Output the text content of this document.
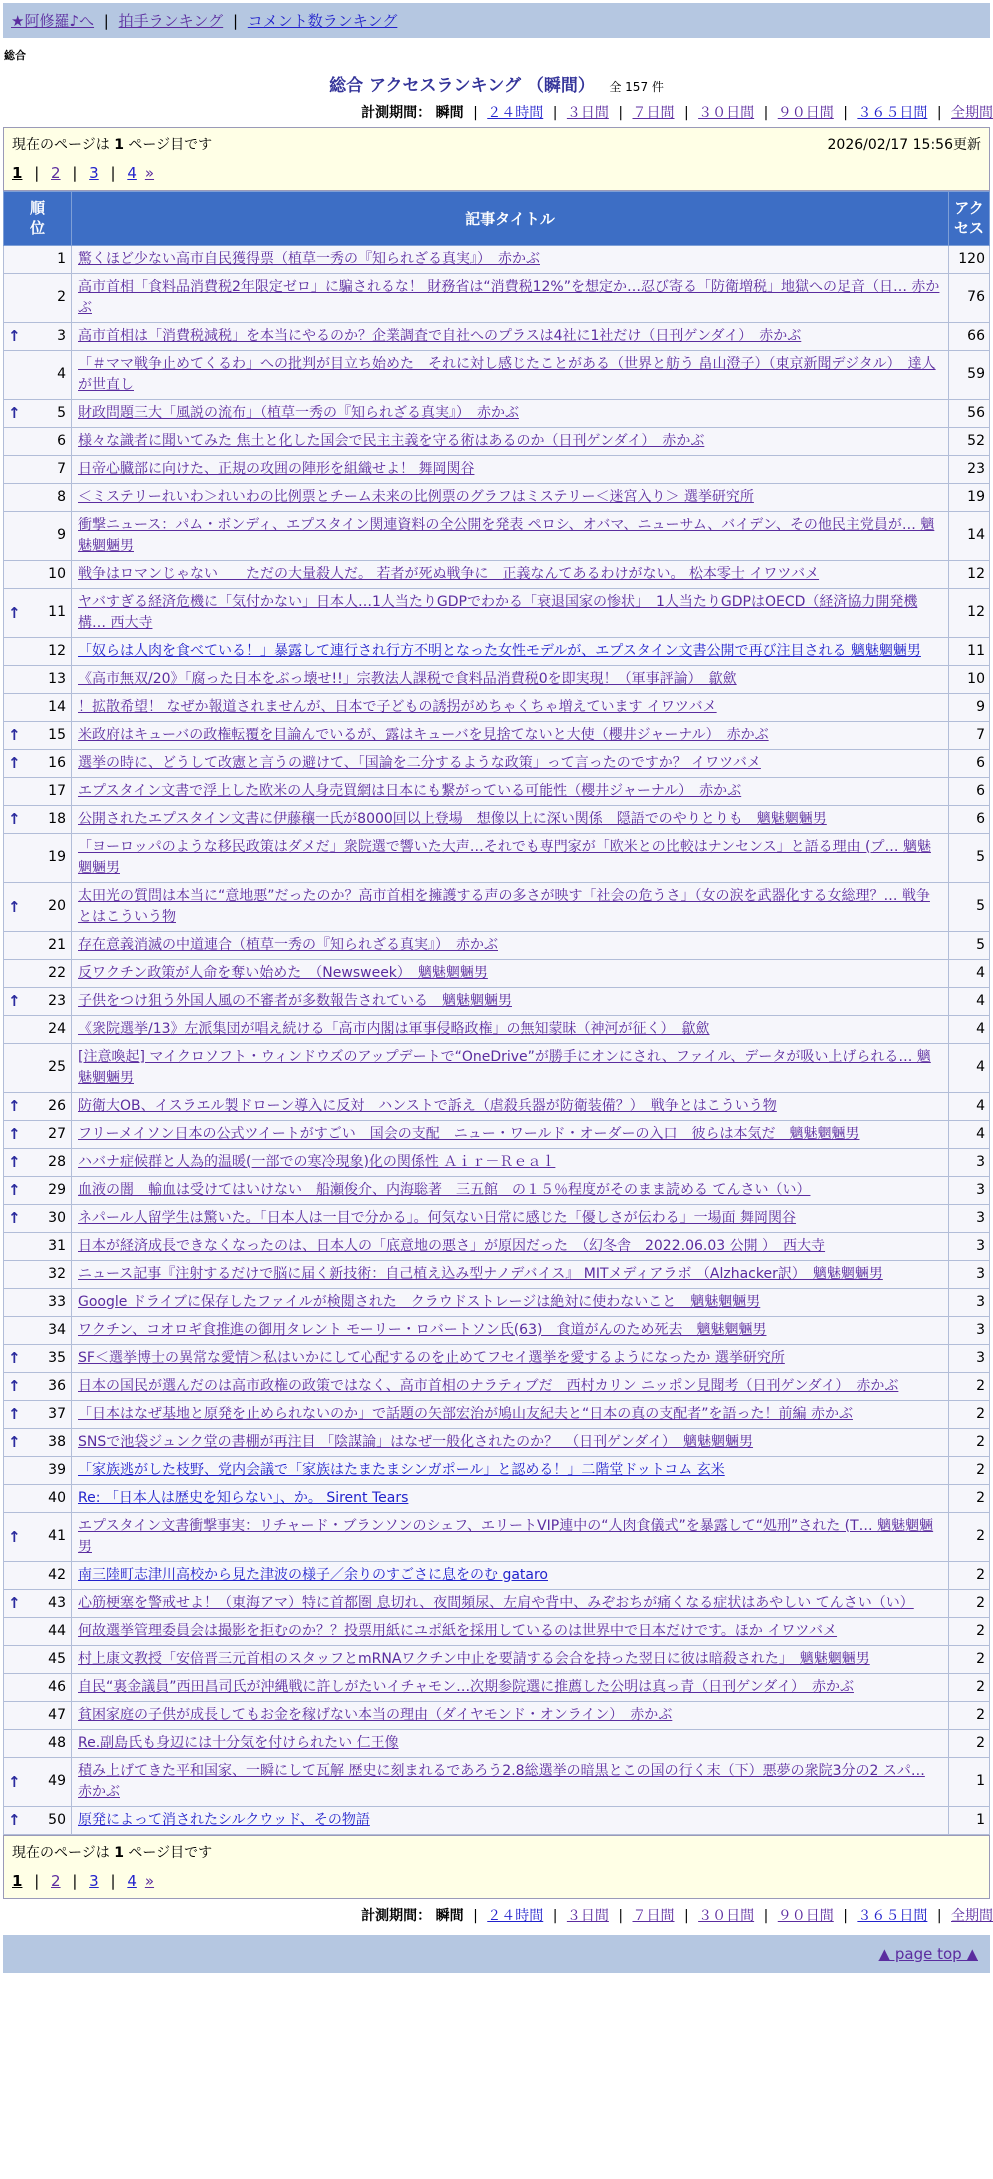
★阿修羅♪へ | 拍手ランキング | コメント数ランキング
総合
総合 アクセスランキング （瞬間） 全 157 件
計測期間： 瞬間 | ２４時間 | ３日間 | ７日間 | ３０日間 | ９０日間 | ３６５日間 | 全期間
現在のページは 1 ページ目です	2026/02/17 15:56更新
1 | 2 | 3 | 4 »
順位	記事タイトル	アクセス

1	驚くほど少ない高市自民獲得票（植草一秀の『知られざる真実』）　赤かぶ	120
2	高市首相「食料品消費税2年限定ゼロ」に騙されるな！ 財務省は“消費税12%”を想定か…忍び寄る「防衛増税」地獄への足音（日… 赤かぶ	76

↑ 3	高市首相は「消費税減税」を本当にやるのか？企業調査で自社へのプラスは4社に1社だけ（日刊ゲンダイ）　赤かぶ	66
4	「＃ママ戦争止めてくるわ」への批判が目立ち始めた　それに対し感じたことがある（世界と舫う 畠山澄子）（東京新聞デジタル）　達人が世直し	59

↑ 5	財政問題三大「風説の流布」（植草一秀の『知られざる真実』）　赤かぶ	56
6	様々な識者に聞いてみた 焦土と化した国会で民主主義を守る術はあるのか（日刊ゲンダイ）　赤かぶ	52
7	日帝心臓部に向けた、正規の攻囲の陣形を組織せよ！ 舞岡関谷	23
8	＜ミステリーれいわ＞れいわの比例票とチーム未来の比例票のグラフはミステリー＜迷宮入り＞ 選挙研究所	19
9	衝撃ニュース：パム・ボンディ、エプスタイン関連資料の全公開を発表 ペロシ、オバマ、ニューサム、バイデン、その他民主党員が… 魑魅魍魎男	14
10	戦争はロマンじゃない　　ただの大量殺人だ。 若者が死ぬ戦争に　正義なんてあるわけがない。 松本零士 イワツバメ	12

↑ 11	ヤバすぎる経済危機に「気付かない」日本人…1人当たりGDPでわかる「衰退国家の惨状」　1人当たりGDPはOECD（経済協力開発機構… 西大寺	12
12	「奴らは人肉を食べている！」暴露して連行され行方不明となった女性モデルが、エプスタイン文書公開で再び注目される 魑魅魍魎男	11
13	《高市無双/20》「腐った日本をぶっ壊せ!!」宗教法人課税で食料品消費税0を即実現！（軍事評論）　歙歛	10
14	！拡散希望！ なぜか報道されませんが、日本で子どもの誘拐がめちゃくちゃ増えています イワツバメ	9

↑ 15	米政府はキューバの政権転覆を目論んでいるが、露はキューバを見捨てないと大使（櫻井ジャーナル）　赤かぶ	7

↑ 16	選挙の時に、どうして改憲と言うの避けて、「国論を二分するような政策」って言ったのですか？ イワツバメ	6
17	エプスタイン文書で浮上した欧米の人身売買網は日本にも繋がっている可能性（櫻井ジャーナル）　赤かぶ	6

↑ 18	公開されたエプスタイン文書に伊藤穰一氏が8000回以上登場　想像以上に深い関係　隠語でのやりとりも　魑魅魍魎男	6
19	「ヨーロッパのような移民政策はダメだ」衆院選で響いた大声…それでも専門家が「欧米との比較はナンセンス」と語る理由 (プ… 魑魅魍魎男	5

↑ 20	太田光の質問は本当に“意地悪”だったのか？高市首相を擁護する声の多さが映す「社会の危うさ」（女の涙を武器化する女総理？… 戦争とはこういう物	5
21	存在意義消滅の中道連合（植草一秀の『知られざる真実』）　赤かぶ	5
22	反ワクチン政策が人命を奪い始めた　（Newsweek）　魑魅魍魎男	4

↑ 23	子供をつけ狙う外国人風の不審者が多数報告されている　魑魅魍魎男	4
24	《衆院選挙/13》左派集団が唱え続ける「高市内閣は軍事侵略政権」の無知蒙昧（神河が征く）　歙歛	4
25	[注意喚起] マイクロソフト・ウィンドウズのアップデートで“OneDrive”が勝手にオンにされ、ファイル、データが吸い上げられる… 魑魅魍魎男	4

↑ 26	防衛大OB、イスラエル製ドローン導入に反対　ハンストで訴え（虐殺兵器が防衛装備？）　戦争とはこういう物	4

↑ 27	フリーメイソン日本の公式ツイートがすごい　国会の支配　ニュー・ワールド・オーダーの入口　彼らは本気だ　魑魅魍魎男	4

↑ 28	ハバナ症候群と人為的温暖(一部での寒冷現象)化の関係性 Ａｉｒ－Ｒｅａｌ	3

↑ 29	血液の闇　輸血は受けてはいけない　船瀬俊介、内海聡著　三五館　の１５％程度がそのまま読める てんさい（い）	3

↑ 30	ネパール人留学生は驚いた。「日本人は一目で分かる」。何気ない日常に感じた「優しさが伝わる」一場面 舞岡関谷	3
31	日本が経済成長できなくなったのは、日本人の「底意地の悪さ」が原因だった　（幻冬舎　2022.06.03 公開 ）　西大寺	3
32	ニュース記事『注射するだけで脳に届く新技術：自己植え込み型ナノデバイス』 MITメディアラボ （Alzhacker訳）　魑魅魍魎男	3
33	Google ドライブに保存したファイルが検閲された　クラウドストレージは絶対に使わないこと　魑魅魍魎男	3
34	ワクチン、コオロギ食推進の御用タレント モーリー・ロバートソン氏(63)　食道がんのため死去　魑魅魍魎男	3

↑ 35	SF＜選挙博士の異常な愛情＞私はいかにして心配するのを止めてフセイ選挙を愛するようになったか 選挙研究所	3

↑ 36	日本の国民が選んだのは高市政権の政策ではなく、高市首相のナラティブだ　西村カリン ニッポン見聞考（日刊ゲンダイ）　赤かぶ	2

↑ 37	「日本はなぜ基地と原発を止められないのか」で話題の矢部宏治が鳩山友紀夫と“日本の真の支配者”を語った！前編 赤かぶ	2

↑ 38	SNSで池袋ジュンク堂の書棚が再注目 「陰謀論」はなぜ一般化されたのか？　（日刊ゲンダイ）　魑魅魍魎男	2
39	「家族逃がした枝野、党内会議で「家族はたまたまシンガポール」と認める！」二階堂ドットコム 玄米	2
40	Re: 「日本人は歴史を知らない」、か。 Sirent Tears	2

↑ 41	エプスタイン文書衝撃事実：リチャード・ブランソンのシェフ、エリートVIP連中の“人肉食儀式”を暴露して“処刑”された (T… 魑魅魍魎男	2
42	南三陸町志津川高校から見た津波の様子／余りのすごさに息をのむ gataro	2

↑ 43	心筋梗塞を警戒せよ！（東海アマ）特に首都圏 息切れ、夜間頻尿、左肩や背中、みぞおちが痛くなる症状はあやしい てんさい（い）	2
44	何故選挙管理委員会は撮影を拒むのか？？投票用紙にユポ紙を採用しているのは世界中で日本だけです。ほか イワツバメ	2
45	村上康文教授「安倍晋三元首相のスタッフとmRNAワクチン中止を要請する会合を持った翌日に彼は暗殺された」　魑魅魍魎男	2
46	自民“裏金議員”西田昌司氏が沖縄戦に許しがたいイチャモン…次期参院選に推薦した公明は真っ青（日刊ゲンダイ）　赤かぶ	2
47	貧困家庭の子供が成長してもお金を稼げない本当の理由（ダイヤモンド・オンライン）　赤かぶ	2
48	Re.副島氏も身辺には十分気を付けられたい 仁王像	2

↑ 49	積み上げてきた平和国家、一瞬にして瓦解 歴史に刻まれるであろう2.8総選挙の暗黒とこの国の行く末（下）悪夢の衆院3分の2 スパ… 赤かぶ	1

↑ 50	原発によって消されたシルクウッド、その物語	1
現在のページは 1 ページ目です
1 | 2 | 3 | 4 »
計測期間： 瞬間 | ２４時間 | ３日間 | ７日間 | ３０日間 | ９０日間 | ３６５日間 | 全期間
▲ page top ▲
